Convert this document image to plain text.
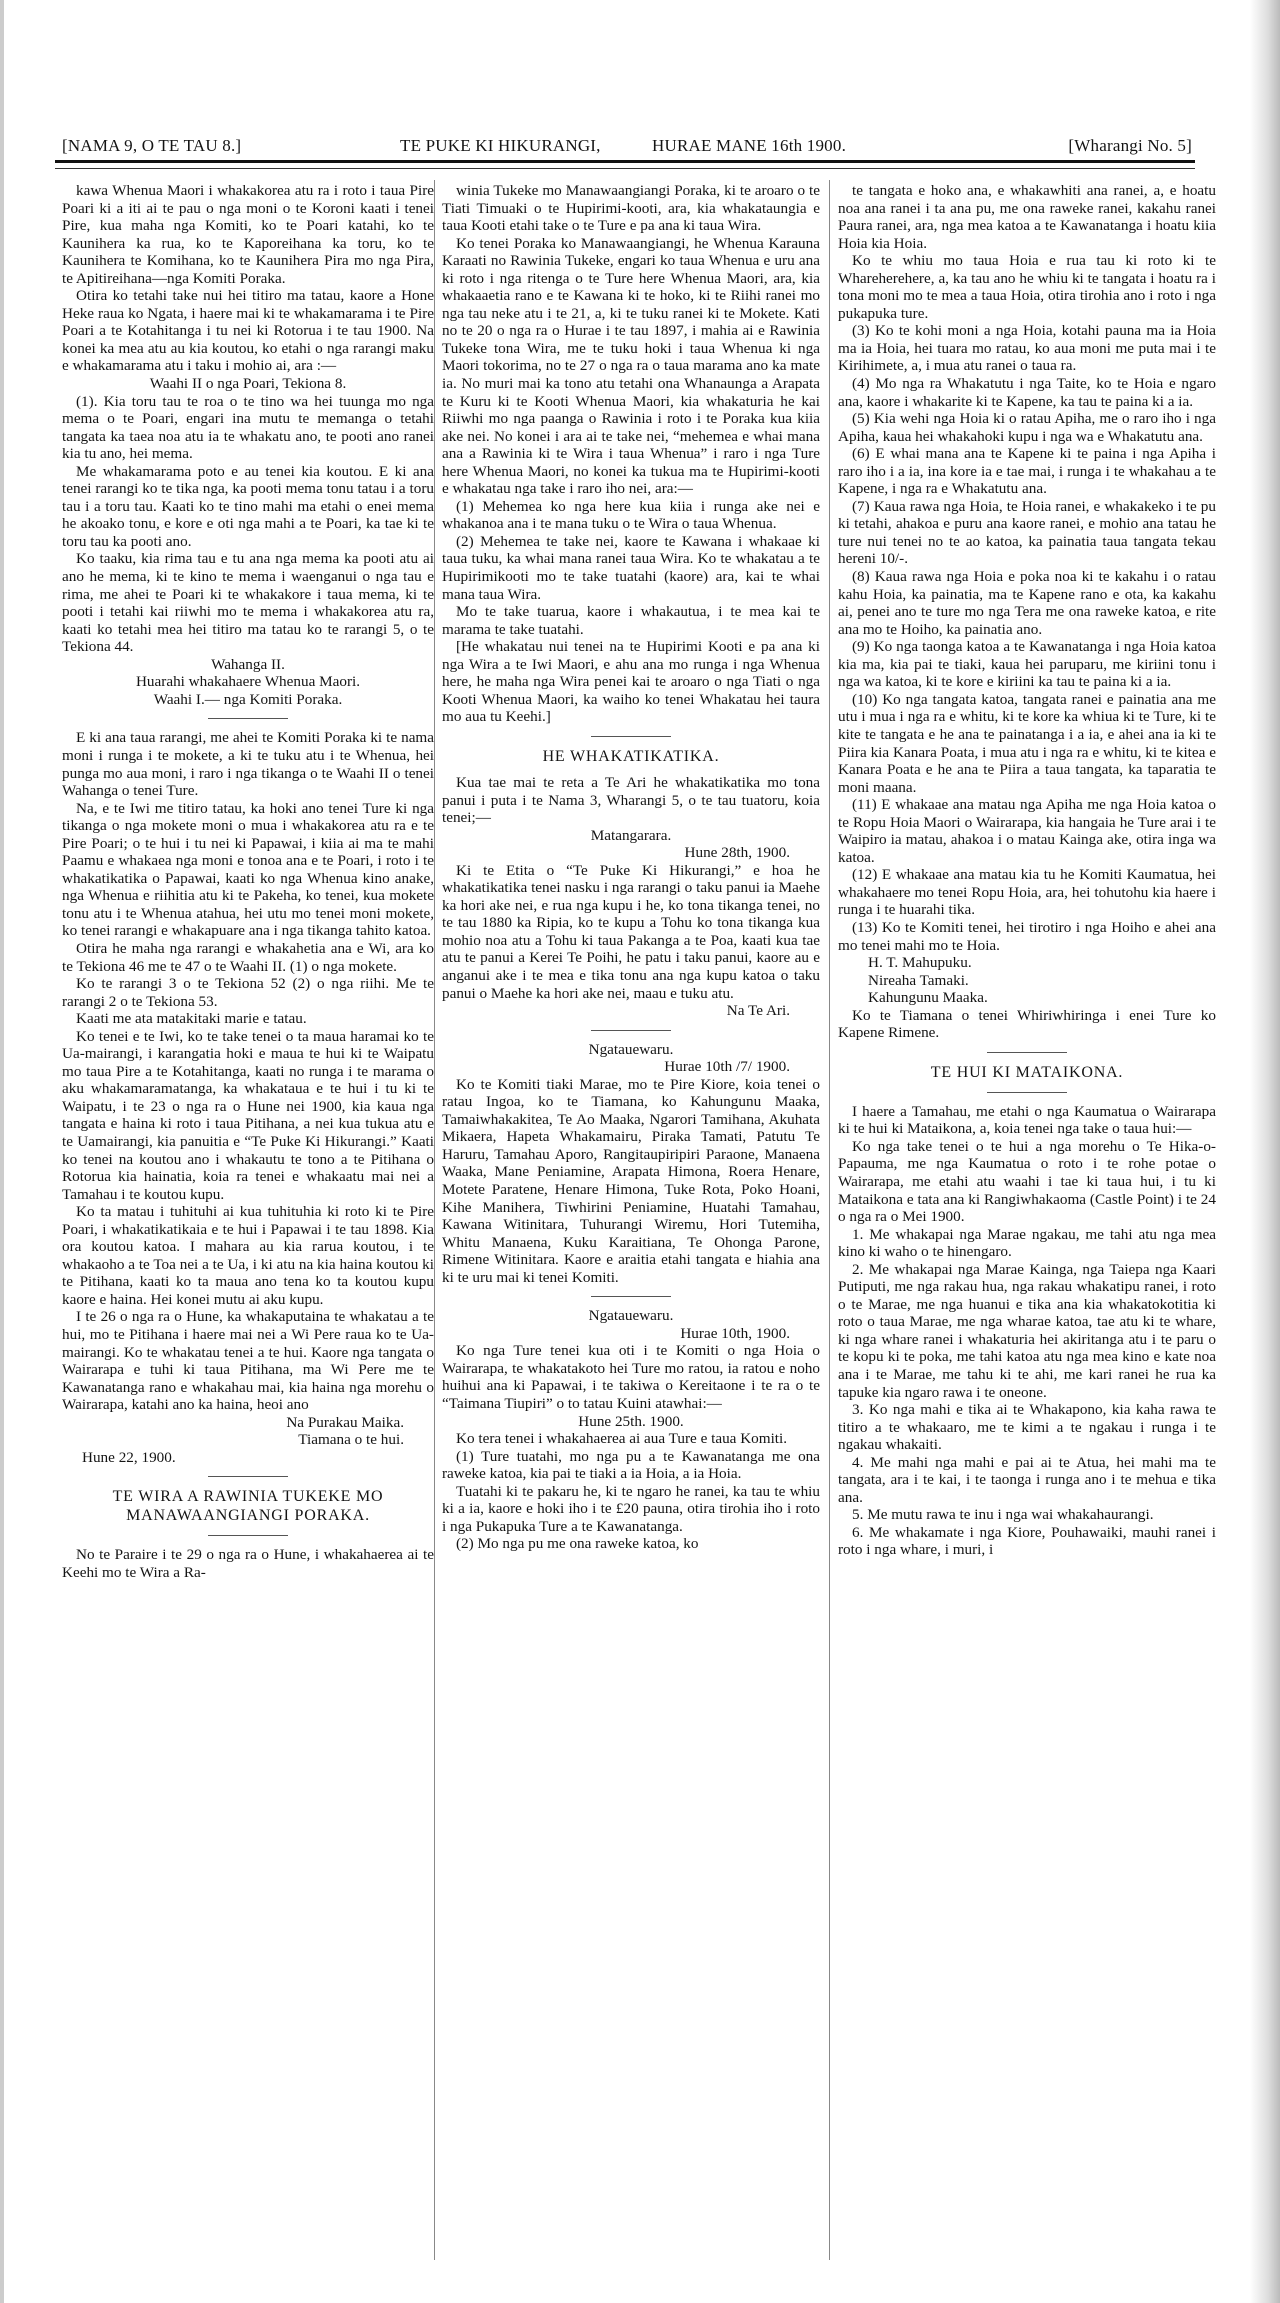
[NAMA 9, O TE TAU 8.]	TE PUKE KI HIKURANGI,	HURAE MANE 16th 1900.	[Wharangi No. 5]

kawa Whenua Maori i whakakorea atu ra i roto i taua Pire Poari ki a iti ai te pau o nga moni o te Koroni kaati i tenei Pire, kua maha nga Komiti, ko te Poari katahi, ko te Kaunihera ka rua, ko te Kaporeihana ka toru, ko te Kaunihera te Komihana, ko te Kaunihera Pira mo nga Pira, te Apitireihana—nga Komiti Poraka.

Otira ko tetahi take nui hei titiro ma tatau, kaore a Hone Heke raua ko Ngata, i haere mai ki te whakamarama i te Pire Poari a te Kotahitanga i tu nei ki Rotorua i te tau 1900. Na konei ka mea atu au kia koutou, ko etahi o nga rarangi maku e whakamarama atu i taku i mohio ai, ara :—

Waahi II o nga Poari, Tekiona 8.

(1). Kia toru tau te roa o te tino wa hei tuunga mo nga mema o te Poari, engari ina mutu te memanga o tetahi tangata ka taea noa atu ia te whakatu ano, te pooti ano ranei kia tu ano, hei mema.

Me whakamarama poto e au tenei kia koutou. E ki ana tenei rarangi ko te tika nga, ka pooti mema tonu tatau i a toru tau i a toru tau. Kaati ko te tino mahi ma etahi o enei mema he akoako tonu, e kore e oti nga mahi a te Poari, ka tae ki te toru tau ka pooti ano.

Ko taaku, kia rima tau e tu ana nga mema ka pooti atu ai ano he mema, ki te kino te mema i waenganui o nga tau e rima, me ahei te Poari ki te whakakore i taua mema, ki te pooti i tetahi kai riiwhi mo te mema i whakakorea atu ra, kaati ko tetahi mea hei titiro ma tatau ko te rarangi 5, o te Tekiona 44.

Wahanga II.

Huarahi whakahaere Whenua Maori.

Waahi I.— nga Komiti Poraka.

E ki ana taua rarangi, me ahei te Komiti Poraka ki te nama moni i runga i te mokete, a ki te tuku atu i te Whenua, hei punga mo aua moni, i raro i nga tikanga o te Waahi II o tenei Wahanga o tenei Ture.

Na, e te Iwi me titiro tatau, ka hoki ano tenei Ture ki nga tikanga o nga mokete moni o mua i whakakorea atu ra e te Pire Poari; o te hui i tu nei ki Papawai, i kiia ai ma te mahi Paamu e whakaea nga moni e tonoa ana e te Poari, i roto i te whakatikatika o Papawai, kaati ko nga Whenua kino anake, nga Whenua e riihitia atu ki te Pakeha, ko tenei, kua mokete tonu atu i te Whenua atahua, hei utu mo tenei moni mokete, ko tenei rarangi e whakapuare ana i nga tikanga tahito katoa.

Otira he maha nga rarangi e whakahetia ana e Wi, ara ko te Tekiona 46 me te 47 o te Waahi II. (1) o nga mokete.

Ko te rarangi 3 o te Tekiona 52 (2) o nga riihi. Me te rarangi 2 o te Tekiona 53.

Kaati me ata matakitaki marie e tatau.

Ko tenei e te Iwi, ko te take tenei o ta maua haramai ko te Ua-mairangi, i karangatia hoki e maua te hui ki te Waipatu mo taua Pire a te Kotahitanga, kaati no runga i te marama o aku whakamaramatanga, ka whakataua e te hui i tu ki te Waipatu, i te 23 o nga ra o Hune nei 1900, kia kaua nga tangata e haina ki roto i taua Pitihana, a nei kua tukua atu e te Uamairangi, kia panuitia e “Te Puke Ki Hikurangi.” Kaati ko tenei na koutou ano i whakautu te tono a te Pitihana o Rotorua kia hainatia, koia ra tenei e whakaatu mai nei a Tamahau i te koutou kupu.

Ko ta matau i tuhituhi ai kua tuhituhia ki roto ki te Pire Poari, i whakatikatikaia e te hui i Papawai i te tau 1898. Kia ora koutou katoa. I mahara au kia rarua koutou, i te whakaoho a te Toa nei a te Ua, i ki atu na kia haina koutou ki te Pitihana, kaati ko ta maua ano tena ko ta koutou kupu kaore e haina. Hei konei mutu ai aku kupu.

I te 26 o nga ra o Hune, ka whakaputaina te whakatau a te hui, mo te Pitihana i haere mai nei a Wi Pere raua ko te Ua-mairangi. Ko te whakatau tenei a te hui. Kaore nga tangata o Wairarapa e tuhi ki taua Pitihana, ma Wi Pere me te Kawanatanga rano e whakahau mai, kia haina nga morehu o Wairarapa, katahi ano ka haina, heoi ano

Na Purakau Maika.

Tiamana o te hui.

Hune 22, 1900.

TE WIRA A RAWINIA TUKEKE MO MANAWAANGIANGI PORAKA.

No te Paraire i te 29 o nga ra o Hune, i whakahaerea ai te Keehi mo te Wira a Ra-

winia Tukeke mo Manawaangiangi Poraka, ki te aroaro o te Tiati Timuaki o te Hupirimi-kooti, ara, kia whakataungia e taua Kooti etahi take o te Ture e pa ana ki taua Wira.

Ko tenei Poraka ko Manawaangiangi, he Whenua Karauna Karaati no Rawinia Tukeke, engari ko taua Whenua e uru ana ki roto i nga ritenga o te Ture here Whenua Maori, ara, kia whakaaetia rano e te Kawana ki te hoko, ki te Riihi ranei mo nga tau neke atu i te 21, a, ki te tuku ranei ki te Mokete. Kati no te 20 o nga ra o Hurae i te tau 1897, i mahia ai e Rawinia Tukeke tona Wira, me te tuku hoki i taua Whenua ki nga Maori tokorima, no te 27 o nga ra o taua marama ano ka mate ia. No muri mai ka tono atu tetahi ona Whanaunga a Arapata te Kuru ki te Kooti Whenua Maori, kia whakaturia he kai Riiwhi mo nga paanga o Rawinia i roto i te Poraka kua kiia ake nei. No konei i ara ai te take nei, “mehemea e whai mana ana a Rawinia ki te Wira i taua Whenua” i raro i nga Ture here Whenua Maori, no konei ka tukua ma te Hupirimi-kooti e whakatau nga take i raro iho nei, ara:—

(1) Mehemea ko nga here kua kiia i runga ake nei e whakanoa ana i te mana tuku o te Wira o taua Whenua.

(2) Mehemea te take nei, kaore te Kawana i whakaae ki taua tuku, ka whai mana ranei taua Wira. Ko te whakatau a te Hupirimikooti mo te take tuatahi (kaore) ara, kai te whai mana taua Wira.

Mo te take tuarua, kaore i whakautua, i te mea kai te marama te take tuatahi.

[He whakatau nui tenei na te Hupirimi Kooti e pa ana ki nga Wira a te Iwi Maori, e ahu ana mo runga i nga Whenua here, he maha nga Wira penei kai te aroaro o nga Tiati o nga Kooti Whenua Maori, ka waiho ko tenei Whakatau hei taura mo aua tu Keehi.]

HE WHAKATIKATIKA.

Kua tae mai te reta a Te Ari he whakatikatika mo tona panui i puta i te Nama 3, Wharangi 5, o te tau tuatoru, koia tenei;—

Matangarara.

Hune 28th, 1900.

Ki te Etita o “Te Puke Ki Hikurangi,” e hoa he whakatikatika tenei nasku i nga rarangi o taku panui ia Maehe ka hori ake nei, e rua nga kupu i he, ko tona tikanga tenei, no te tau 1880 ka Ripia, ko te kupu a Tohu ko tona tikanga kua mohio noa atu a Tohu ki taua Pakanga a te Poa, kaati kua tae atu te panui a Kerei Te Poihi, he patu i taku panui, kaore au e anganui ake i te mea e tika tonu ana nga kupu katoa o taku panui o Maehe ka hori ake nei, maau e tuku atu.

Na Te Ari.

Ngatauewaru.

Hurae 10th /7/ 1900.

Ko te Komiti tiaki Marae, mo te Pire Kiore, koia tenei o ratau Ingoa, ko te Tiamana, ko Kahungunu Maaka, Tamaiwhakakitea, Te Ao Maaka, Ngarori Tamihana, Akuhata Mikaera, Hapeta Whakamairu, Piraka Tamati, Patutu Te Haruru, Tamahau Aporo, Rangitaupiripiri Paraone, Manaena Waaka, Mane Peniamine, Arapata Himona, Roera Henare, Motete Paratene, Henare Himona, Tuke Rota, Poko Hoani, Kihe Manihera, Tiwhirini Peniamine, Huatahi Tamahau, Kawana Witinitara, Tuhurangi Wiremu, Hori Tutemiha, Whitu Manaena, Kuku Karaitiana, Te Ohonga Parone, Rimene Witinitara. Kaore e araitia etahi tangata e hiahia ana ki te uru mai ki tenei Komiti.

Ngatauewaru.

Hurae 10th, 1900.

Ko nga Ture tenei kua oti i te Komiti o nga Hoia o Wairarapa, te whakatakoto hei Ture mo ratou, ia ratou e noho huihui ana ki Papawai, i te takiwa o Kereitaone i te ra o te “Taimana Tiupiri” o to tatau Kuini atawhai:—

Hune 25th. 1900.

Ko tera tenei i whakahaerea ai aua Ture e taua Komiti.

(1) Ture tuatahi, mo nga pu a te Kawanatanga me ona raweke katoa, kia pai te tiaki a ia Hoia, a ia Hoia.

Tuatahi ki te pakaru he, ki te ngaro he ranei, ka tau te whiu ki a ia, kaore e hoki iho i te £20 pauna, otira tirohia iho i roto i nga Pukapuka Ture a te Kawanatanga.

(2) Mo nga pu me ona raweke katoa, ko

te tangata e hoko ana, e whakawhiti ana ranei, a, e hoatu noa ana ranei i ta ana pu, me ona raweke ranei, kakahu ranei Paura ranei, ara, nga mea katoa a te Kawanatanga i hoatu kiia Hoia kia Hoia.

Ko te whiu mo taua Hoia e rua tau ki roto ki te Whareherehere, a, ka tau ano he whiu ki te tangata i hoatu ra i tona moni mo te mea a taua Hoia, otira tirohia ano i roto i nga pukapuka ture.

(3) Ko te kohi moni a nga Hoia, kotahi pauna ma ia Hoia ma ia Hoia, hei tuara mo ratau, ko aua moni me puta mai i te Kirihimete, a, i mua atu ranei o taua ra.

(4) Mo nga ra Whakatutu i nga Taite, ko te Hoia e ngaro ana, kaore i whakarite ki te Kapene, ka tau te paina ki a ia.

(5) Kia wehi nga Hoia ki o ratau Apiha, me o raro iho i nga Apiha, kaua hei whakahoki kupu i nga wa e Whakatutu ana.

(6) E whai mana ana te Kapene ki te paina i nga Apiha i raro iho i a ia, ina kore ia e tae mai, i runga i te whakahau a te Kapene, i nga ra e Whakatutu ana.

(7) Kaua rawa nga Hoia, te Hoia ranei, e whakakeko i te pu ki tetahi, ahakoa e puru ana kaore ranei, e mohio ana tatau he ture nui tenei no te ao katoa, ka painatia taua tangata tekau hereni 10/-.

(8) Kaua rawa nga Hoia e poka noa ki te kakahu i o ratau kahu Hoia, ka painatia, ma te Kapene rano e ota, ka kakahu ai, penei ano te ture mo nga Tera me ona raweke katoa, e rite ana mo te Hoiho, ka painatia ano.

(9) Ko nga taonga katoa a te Kawanatanga i nga Hoia katoa kia ma, kia pai te tiaki, kaua hei paruparu, me kiriini tonu i nga wa katoa, ki te kore e kiriini ka tau te paina ki a ia.

(10) Ko nga tangata katoa, tangata ranei e painatia ana me utu i mua i nga ra e whitu, ki te kore ka whiua ki te Ture, ki te kite te tangata e he ana te painatanga i a ia, e ahei ana ia ki te Piira kia Kanara Poata, i mua atu i nga ra e whitu, ki te kitea e Kanara Poata e he ana te Piira a taua tangata, ka taparatia te moni maana.

(11) E whakaae ana matau nga Apiha me nga Hoia katoa o te Ropu Hoia Maori o Wairarapa, kia hangaia he Ture arai i te Waipiro ia matau, ahakoa i o matau Kainga ake, otira inga wa katoa.

(12) E whakaae ana matau kia tu he Komiti Kaumatua, hei whakahaere mo tenei Ropu Hoia, ara, hei tohutohu kia haere i runga i te huarahi tika.

(13) Ko te Komiti tenei, hei tirotiro i nga Hoiho e ahei ana mo tenei mahi mo te Hoia.

H. T. Mahupuku.

Nireaha Tamaki.

Kahungunu Maaka.

Ko te Tiamana o tenei Whiriwhiringa i enei Ture ko Kapene Rimene.

TE HUI KI MATAIKONA.

I haere a Tamahau, me etahi o nga Kaumatua o Wairarapa ki te hui ki Mataikona, a, koia tenei nga take o taua hui:—

Ko nga take tenei o te hui a nga morehu o Te Hika-o-Papauma, me nga Kaumatua o roto i te rohe potae o Wairarapa, me etahi atu waahi i tae ki taua hui, i tu ki Mataikona e tata ana ki Rangiwhakaoma (Castle Point) i te 24 o nga ra o Mei 1900.

1. Me whakapai nga Marae ngakau, me tahi atu nga mea kino ki waho o te hinengaro.

2. Me whakapai nga Marae Kainga, nga Taiepa nga Kaari Putiputi, me nga rakau hua, nga rakau whakatipu ranei, i roto o te Marae, me nga huanui e tika ana kia whakatokotitia ki roto o taua Marae, me nga wharae katoa, tae atu ki te whare, ki nga whare ranei i whakaturia hei akiritanga atu i te paru o te kopu ki te poka, me tahi katoa atu nga mea kino e kate noa ana i te Marae, me tahu ki te ahi, me kari ranei he rua ka tapuke kia ngaro rawa i te oneone.

3. Ko nga mahi e tika ai te Whakapono, kia kaha rawa te titiro a te whakaaro, me te kimi a te ngakau i runga i te ngakau whakaiti.

4. Me mahi nga mahi e pai ai te Atua, hei mahi ma te tangata, ara i te kai, i te taonga i runga ano i te mehua e tika ana.

5. Me mutu rawa te inu i nga wai whakahaurangi.

6. Me whakamate i nga Kiore, Pouhawaiki, mauhi ranei i roto i nga whare, i muri, i
